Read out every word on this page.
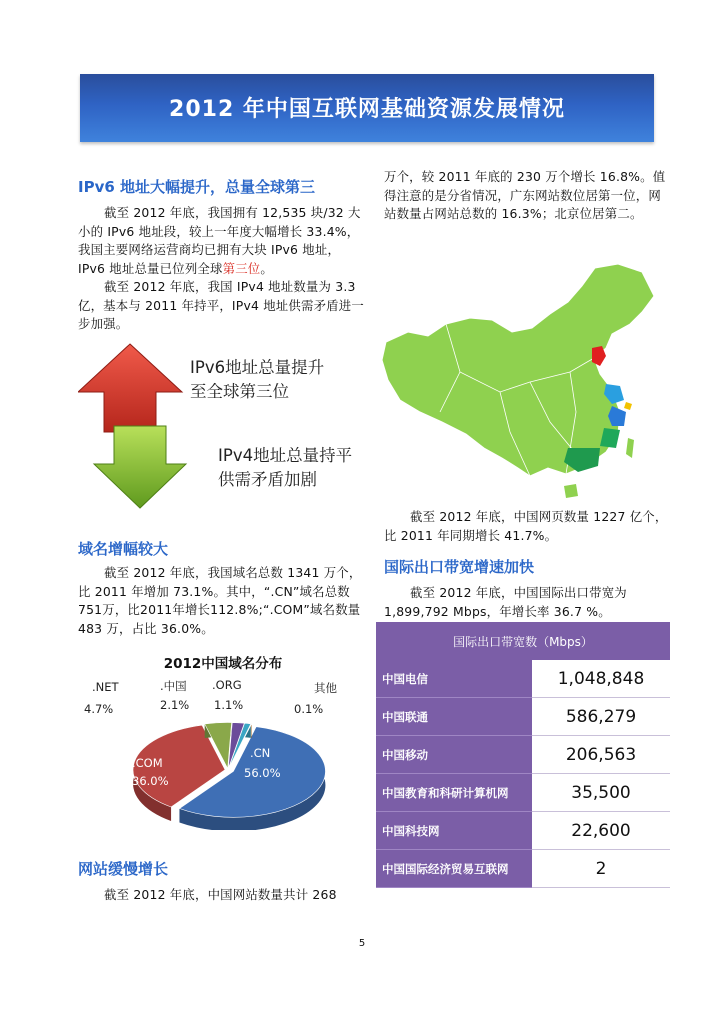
2012 年中国互联网基础资源发展情况
IPv6 地址大幅提升，总量全球第三
截至 2012 年底，我国拥有 12,535 块/32 大小的 IPv6 地址段，较上一年度大幅增长 33.4%，我国主要网络运营商均已拥有大块 IPv6 地址，IPv6 地址总量已位列全球第三位。
截至 2012 年底，我国 IPv4 地址数量为 3.3 亿，基本与 2011 年持平，IPv4 地址供需矛盾进一步加强。
IPv6地址总量提升
至全球第三位
IPv4地址总量持平
供需矛盾加剧
域名增幅较大
截至 2012 年底，我国域名总数 1341 万个，比 2011 年增加 73.1%。其中，“.CN”域名总数751万，比2011年增长112.8%;“.COM”域名数量 483 万，占比 36.0%。
2012中国域名分布
.NET
4.7%
.中国
2.1%
.ORG
1.1%
其他
0.1%
.CN
56.0%
.COM
36.0%
网站缓慢增长
截至 2012 年底，中国网站数量共计 268
万个，较 2011 年底的 230 万个增长 16.8%。值得注意的是分省情况，广东网站数位居第一位，网站数量占网站总数的 16.3%；北京位居第二。
截至 2012 年底，中国网页数量 1227 亿个，比 2011 年同期增长 41.7%。
国际出口带宽增速加快
截至 2012 年底，中国国际出口带宽为 1,899,792 Mbps，年增长率 36.7 %。
国际出口带宽数（Mbps）	
中国电信	1,048,848
中国联通	586,279
中国移动	206,563
中国教育和科研计算机网	35,500
中国科技网	22,600
中国国际经济贸易互联网	2
5
